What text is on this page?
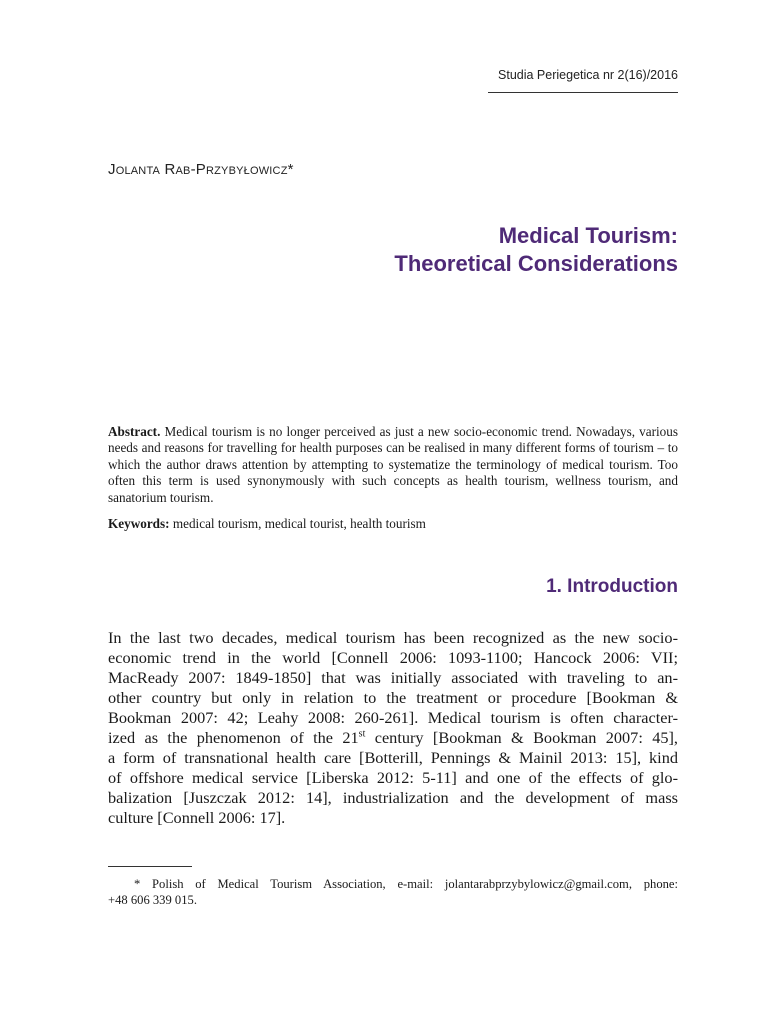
Studia Periegetica nr 2(16)/2016
Jolanta Rab-Przybyłowicz*
Medical Tourism:
Theoretical Considerations
Abstract. Medical tourism is no longer perceived as just a new socio-economic trend. Nowadays, various needs and reasons for travelling for health purposes can be realised in many different forms of tourism – to which the author draws attention by attempting to systematize the terminology of medical tourism. Too often this term is used synonymously with such concepts as health tourism, wellness tourism, and sanatorium tourism.
Keywords: medical tourism, medical tourist, health tourism
1. Introduction
In the last two decades, medical tourism has been recognized as the new socio-
economic trend in the world [Connell 2006: 1093-1100; Hancock 2006: VII;
MacReady 2007: 1849-1850] that was initially associated with traveling to an-
other country but only in relation to the treatment or procedure [Bookman &
Bookman 2007: 42; Leahy 2008: 260-261]. Medical tourism is often character-
ized as the phenomenon of the 21st century [Bookman & Bookman 2007: 45],
a form of transnational health care [Botterill, Pennings & Mainil 2013: 15], kind
of offshore medical service [Liberska 2012: 5-11] and one of the effects of glo-
balization [Juszczak 2012: 14], industrialization and the development of mass
culture [Connell 2006: 17].
* Polish of Medical Tourism Association, e-mail: jolantarabprzybylowicz@gmail.com, phone:
+48 606 339 015.
